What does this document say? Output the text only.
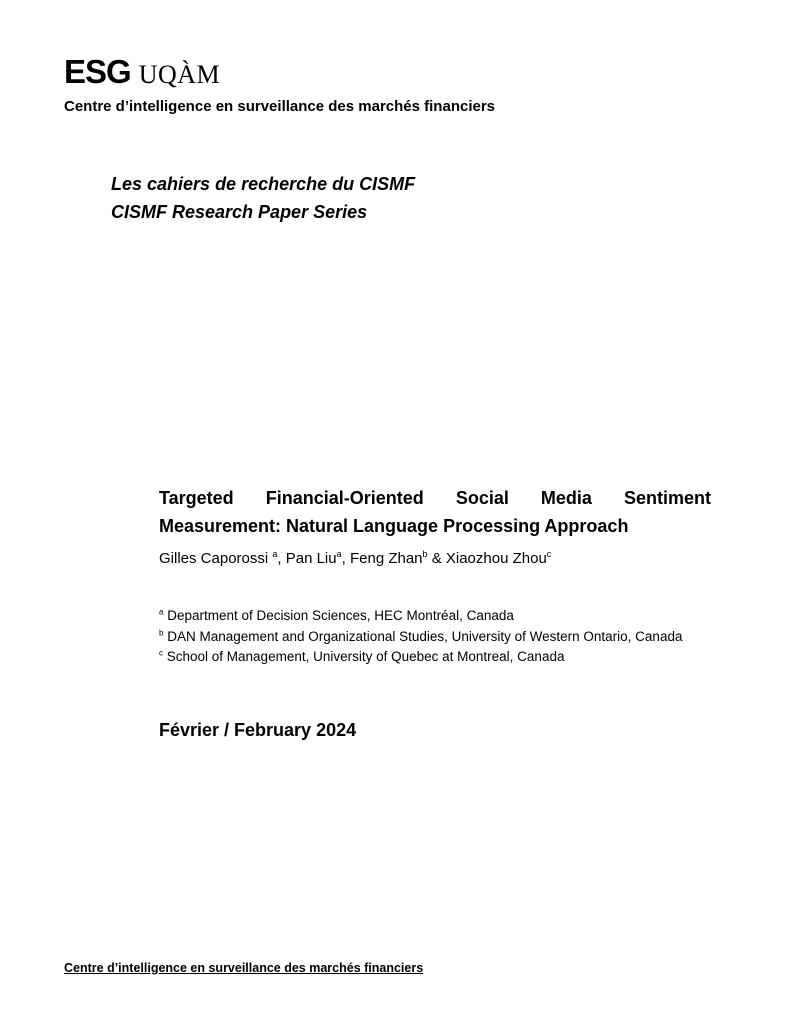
ESG UQÀM
Centre d’intelligence en surveillance des marchés financiers
Les cahiers de recherche du CISMF
CISMF Research Paper Series
Targeted Financial-Oriented Social Media Sentiment
Measurement: Natural Language Processing Approach
Gilles Caporossi $^a$, Pan Liu$^a$, Feng Zhan$^b$ & Xiaozhou Zhou$^c$
$^a$ Department of Decision Sciences, HEC Montréal, Canada
$^b$ DAN Management and Organizational Studies, University of Western Ontario, Canada
$^c$ School of Management, University of Quebec at Montreal, Canada
Février / February 2024
Centre d’intelligence en surveillance des marchés financiers
